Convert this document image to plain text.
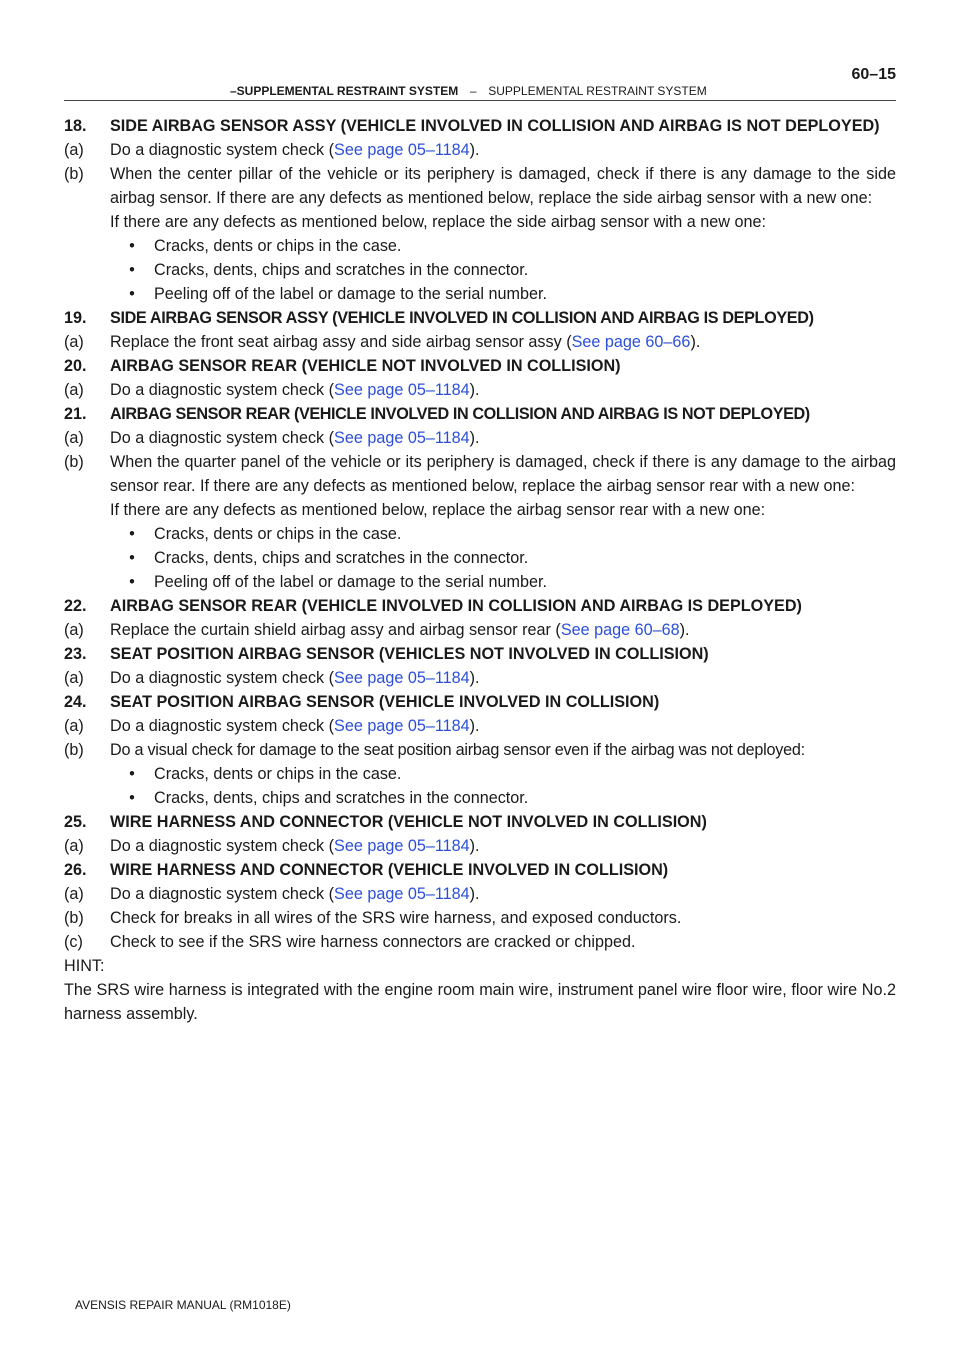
60–15
–SUPPLEMENTAL RESTRAINT SYSTEM – SUPPLEMENTAL RESTRAINT SYSTEM
18.	SIDE AIRBAG SENSOR ASSY (VEHICLE INVOLVED IN COLLISION AND AIRBAG IS NOT DEPLOYED)
(a)	Do a diagnostic system check (See page 05–1184).
(b)	When the center pillar of the vehicle or its periphery is damaged, check if there is any damage to the side airbag sensor. If there are any defects as mentioned below, replace the side airbag sensor with a new one:
If there are any defects as mentioned below, replace the side airbag sensor with a new one:
•	Cracks, dents or chips in the case.
•	Cracks, dents, chips and scratches in the connector.
•	Peeling off of the label or damage to the serial number.
19.	SIDE AIRBAG SENSOR ASSY (VEHICLE INVOLVED IN COLLISION AND AIRBAG IS DEPLOYED)
(a)	Replace the front seat airbag assy and side airbag sensor assy (See page 60–66).
20.	AIRBAG SENSOR REAR (VEHICLE NOT INVOLVED IN COLLISION)
(a)	Do a diagnostic system check (See page 05–1184).
21.	AIRBAG SENSOR REAR (VEHICLE INVOLVED IN COLLISION AND AIRBAG IS NOT DEPLOYED)
(a)	Do a diagnostic system check (See page 05–1184).
(b)	When the quarter panel of the vehicle or its periphery is damaged, check if there is any damage to the airbag sensor rear. If there are any defects as mentioned below, replace the airbag sensor rear with a new one:
If there are any defects as mentioned below, replace the airbag sensor rear with a new one:
•	Cracks, dents or chips in the case.
•	Cracks, dents, chips and scratches in the connector.
•	Peeling off of the label or damage to the serial number.
22.	AIRBAG SENSOR REAR (VEHICLE INVOLVED IN COLLISION AND AIRBAG IS DEPLOYED)
(a)	Replace the curtain shield airbag assy and airbag sensor rear (See page 60–68).
23.	SEAT POSITION AIRBAG SENSOR (VEHICLES NOT INVOLVED IN COLLISION)
(a)	Do a diagnostic system check (See page 05–1184).
24.	SEAT POSITION AIRBAG SENSOR (VEHICLE INVOLVED IN COLLISION)
(a)	Do a diagnostic system check (See page 05–1184).
(b)	Do a visual check for damage to the seat position airbag sensor even if the airbag was not deployed:
•	Cracks, dents or chips in the case.
•	Cracks, dents, chips and scratches in the connector.
25.	WIRE HARNESS AND CONNECTOR (VEHICLE NOT INVOLVED IN COLLISION)
(a)	Do a diagnostic system check (See page 05–1184).
26.	WIRE HARNESS AND CONNECTOR (VEHICLE INVOLVED IN COLLISION)
(a)	Do a diagnostic system check (See page 05–1184).
(b)	Check for breaks in all wires of the SRS wire harness, and exposed conductors.
(c)	Check to see if the SRS wire harness connectors are cracked or chipped.
HINT:
The SRS wire harness is integrated with the engine room main wire, instrument panel wire floor wire, floor wire No.2 harness assembly.
AVENSIS REPAIR MANUAL (RM1018E)
